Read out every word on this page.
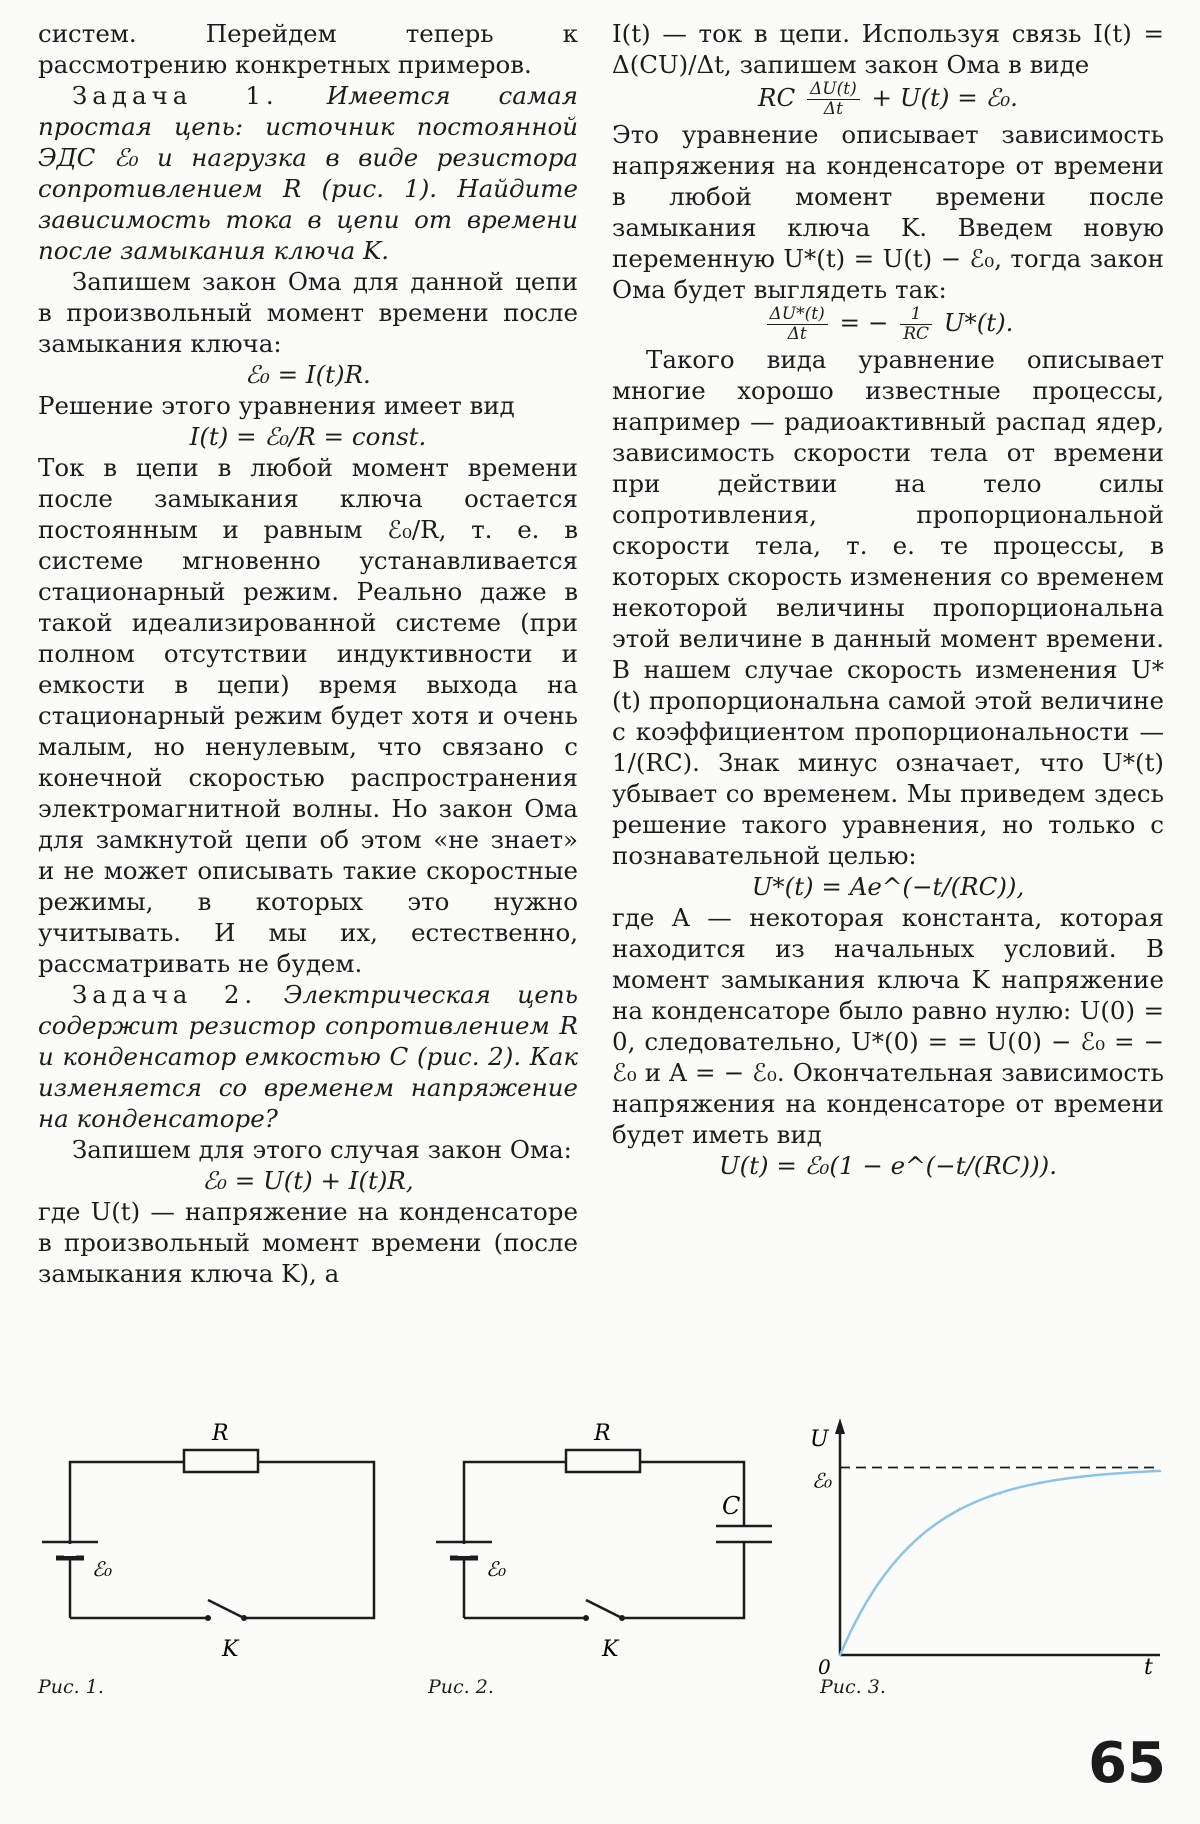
систем. Перейдем теперь к рассмотрению конкретных примеров.

Задача 1. Имеется самая простая цепь: источник постоянной ЭДС ℰ₀ и нагрузка в виде резистора сопротивлением R (рис. 1). Найдите зависимость тока в цепи от времени после замыкания ключа K.

Запишем закон Ома для данной цепи в произвольный момент времени после замыкания ключа:

ℰ₀ = I(t)R.

Решение этого уравнения имеет вид

I(t) = ℰ₀/R = const.

Ток в цепи в любой момент времени после замыкания ключа остается постоянным и равным ℰ₀/R, т. е. в системе мгновенно устанавливается стационарный режим. Реально даже в такой идеализированной системе (при полном отсутствии индуктивности и емкости в цепи) время выхода на стационарный режим будет хотя и очень малым, но ненулевым, что связано с конечной скоростью распространения электромагнитной волны. Но закон Ома для замкнутой цепи об этом «не знает» и не может описывать такие скоростные режимы, в которых это нужно учитывать. И мы их, естественно, рассматривать не будем.

Задача 2. Электрическая цепь содержит резистор сопротивлением R и конденсатор емкостью C (рис. 2). Как изменяется со временем напряжение на конденсаторе?

Запишем для этого случая закон Ома:

ℰ₀ = U(t) + I(t)R,

где U(t) — напряжение на конденсаторе в произвольный момент времени (после замыкания ключа K), а

I(t) — ток в цепи. Используя связь I(t) = Δ(CU)/Δt, запишем закон Ома в виде

RC $\frac{\Delta U(t)}{\Delta t} + U(t)$ = ℰ₀.

Это уравнение описывает зависимость напряжения на конденсаторе от времени в любой момент времени после замыкания ключа K. Введем новую переменную U*(t) = U(t) − ℰ₀, тогда закон Ома будет выглядеть так:

$\frac{\Delta U*(t)}{\Delta t}$ = − $\frac{1}{RC} U*(t)$.

Такого вида уравнение описывает многие хорошо известные процессы, например — радиоактивный распад ядер, зависимость скорости тела от времени при действии на тело силы сопротивления, пропорциональной скорости тела, т. е. те процессы, в которых скорость изменения со временем некоторой величины пропорциональна этой величине в данный момент времени. В нашем случае скорость изменения U*(t) пропорциональна самой этой величине с коэффициентом пропорциональности — 1/(RC). Знак минус означает, что U*(t) убывает со временем. Мы приведем здесь решение такого уравнения, но только с познавательной целью:

U*(t) = Ae^(−t/(RC)),

где A — некоторая константа, которая находится из начальных условий. В момент замыкания ключа K напряжение на конденсаторе было равно нулю: U(0) = 0, следовательно, U*(0) = = U(0) − ℰ₀ = − ℰ₀ и A = − ℰ₀. Окончательная зависимость напряжения на конденсаторе от времени будет иметь вид

U(t) = ℰ₀(1 − e^(−t/(RC))).

R
ℰ₀
K
Рис. 1.
R
ℰ₀
K
C
Рис. 2.
U
t
0
ℰ₀
Рис. 3.
65
